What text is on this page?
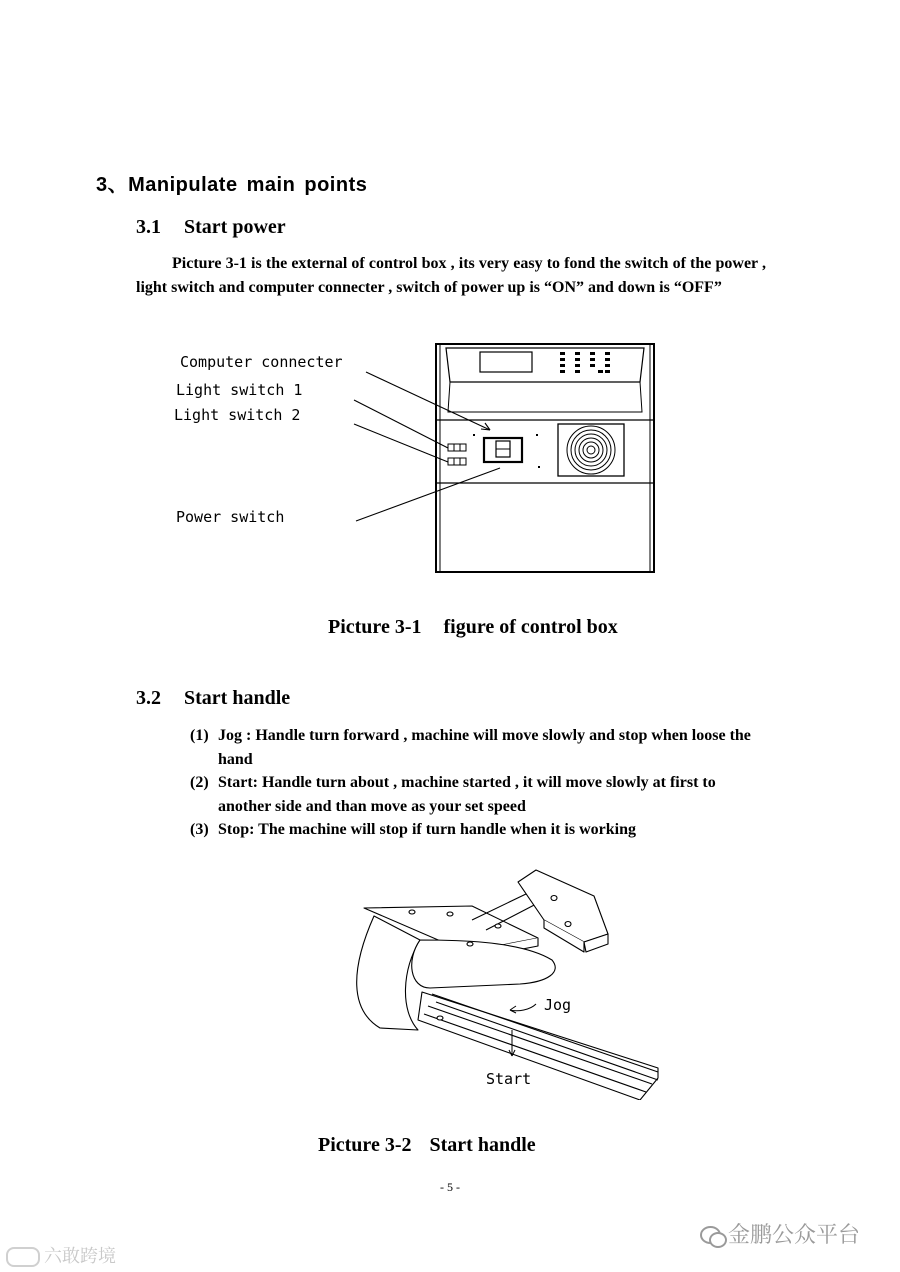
3、Manipulate main points
3.1 Start power
Picture 3-1 is the external of control box , its very easy to fond the switch of the power , light switch and computer connecter , switch of power up is “ON” and down is “OFF”
Computer connecter
Light switch 1
Light switch 2
Power switch
Picture 3-1 figure of control box
3.2 Start handle
(1) Jog : Handle turn forward , machine will move slowly and stop when loose the hand
(2) Start: Handle turn about , machine started , it will move slowly at first to another side and than move as your set speed
(3) Stop: The machine will stop if turn handle when it is working
Jog
Start
Picture 3-2 Start handle
- 5 -
金鹏公众平台
六敢跨境
